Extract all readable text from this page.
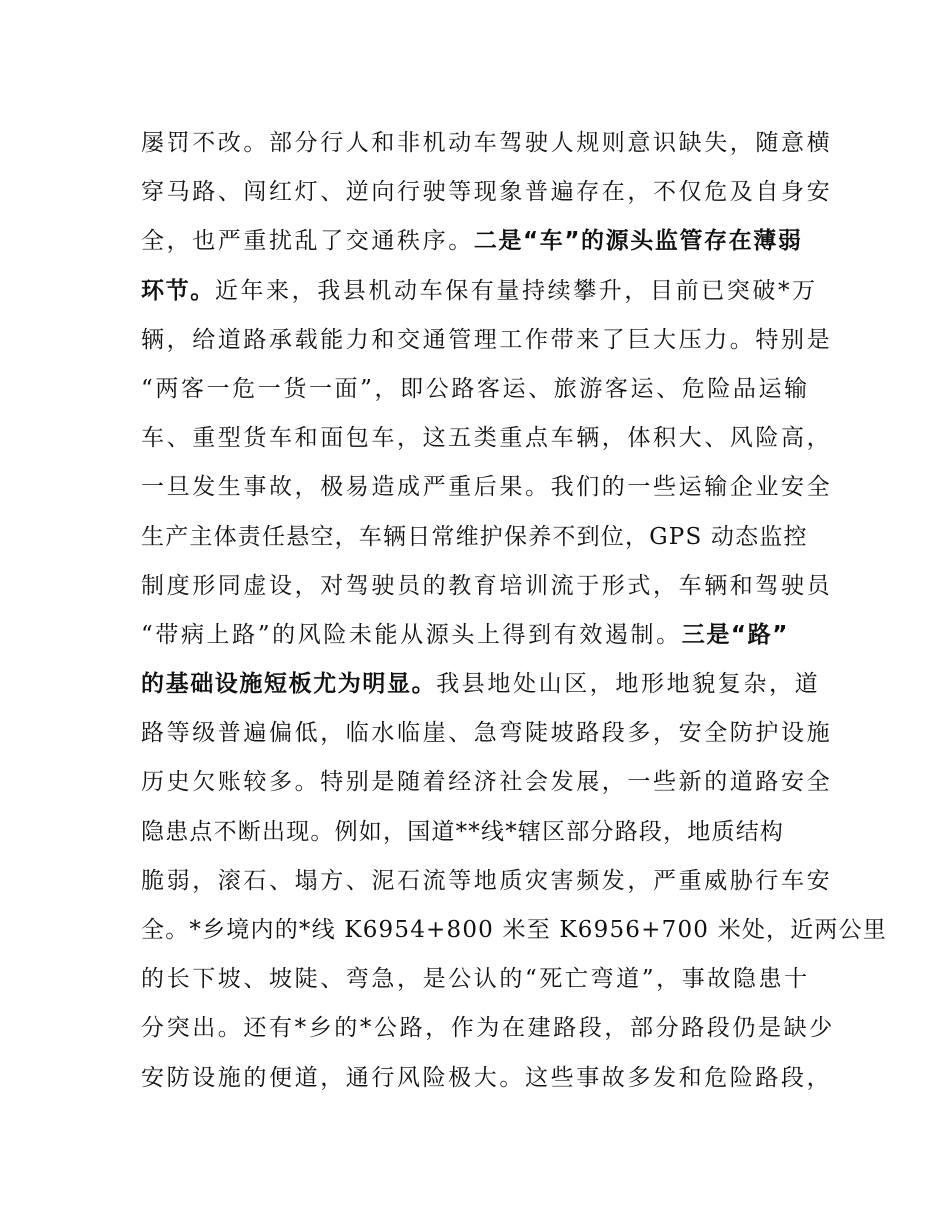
屡罚不改。部分行人和非机动车驾驶人规则意识缺失，随意横
穿马路、闯红灯、逆向行驶等现象普遍存在，不仅危及自身安
全，也严重扰乱了交通秩序。二是“车”的源头监管存在薄弱
环节。近年来，我县机动车保有量持续攀升，目前已突破*万
辆，给道路承载能力和交通管理工作带来了巨大压力。特别是
“两客一危一货一面”，即公路客运、旅游客运、危险品运输
车、重型货车和面包车，这五类重点车辆，体积大、风险高，
一旦发生事故，极易造成严重后果。我们的一些运输企业安全
生产主体责任悬空，车辆日常维护保养不到位，GPS 动态监控
制度形同虚设，对驾驶员的教育培训流于形式，车辆和驾驶员
“带病上路”的风险未能从源头上得到有效遏制。三是“路”
的基础设施短板尤为明显。我县地处山区，地形地貌复杂，道
路等级普遍偏低，临水临崖、急弯陡坡路段多，安全防护设施
历史欠账较多。特别是随着经济社会发展，一些新的道路安全
隐患点不断出现。例如，国道**线*辖区部分路段，地质结构
脆弱，滚石、塌方、泥石流等地质灾害频发，严重威胁行车安
全。*乡境内的*线 K6954+800 米至 K6956+700 米处，近两公里
的长下坡、坡陡、弯急，是公认的“死亡弯道”，事故隐患十
分突出。还有*乡的*公路，作为在建路段，部分路段仍是缺少
安防设施的便道，通行风险极大。这些事故多发和危险路段，
